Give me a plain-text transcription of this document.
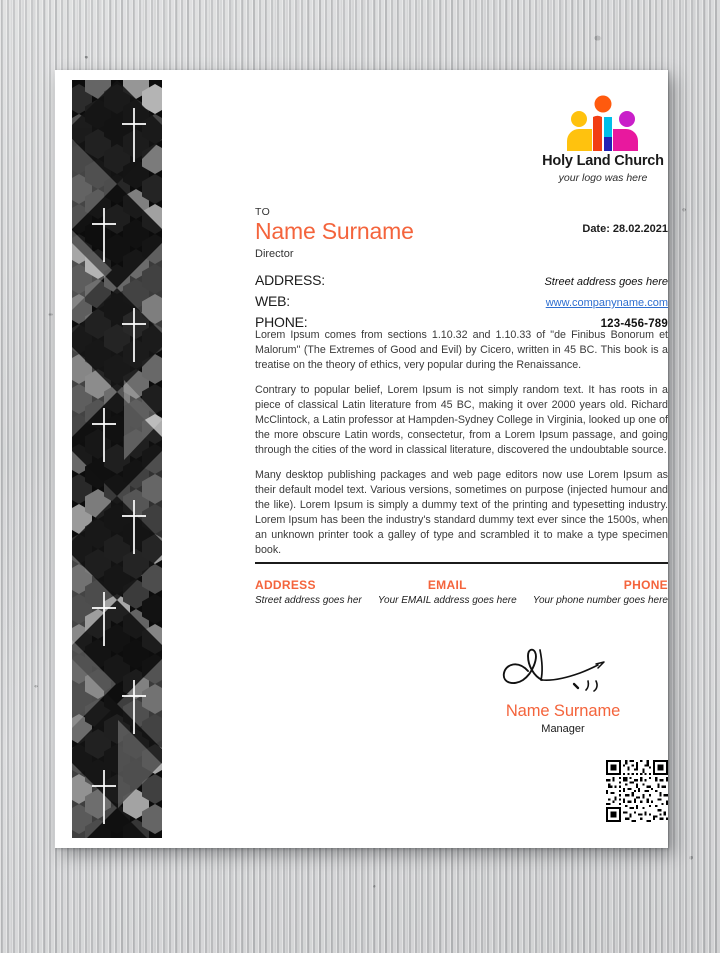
Holy Land Church
your logo was here
TO
Name Surname
Director
Date: 28.02.2021
ADDRESS:	Street address goes here
WEB:	www.companyname.com
PHONE:	123-456-789

Lorem Ipsum comes from sections 1.10.32 and 1.10.33 of "de Finibus Bonorum et Malorum" (The Extremes of Good and Evil) by Cicero, written in 45 BC. This book is a treatise on the theory of ethics, very popular during the Renaissance.

Contrary to popular belief, Lorem Ipsum is not simply random text. It has roots in a piece of classical Latin literature from 45 BC, making it over 2000 years old. Richard McClintock, a Latin professor at Hampden-Sydney College in Virginia, looked up one of the more obscure Latin words, consectetur, from a Lorem Ipsum passage, and going through the cities of the word in classical literature, discovered the undoubtable source.

Many desktop publishing packages and web page editors now use Lorem Ipsum as their default model text. Various versions, sometimes on purpose (injected humour and the like). Lorem Ipsum is simply a dummy text of the printing and typesetting industry. Lorem Ipsum has been the industry's standard dummy text ever since the 1500s, when an unknown printer took a galley of type and scrambled it to make a type specimen book.

ADDRESS
Street address goes her
EMAIL
Your EMAIL address goes here
PHONE
Your phone number goes here
Name Surname
Manager
